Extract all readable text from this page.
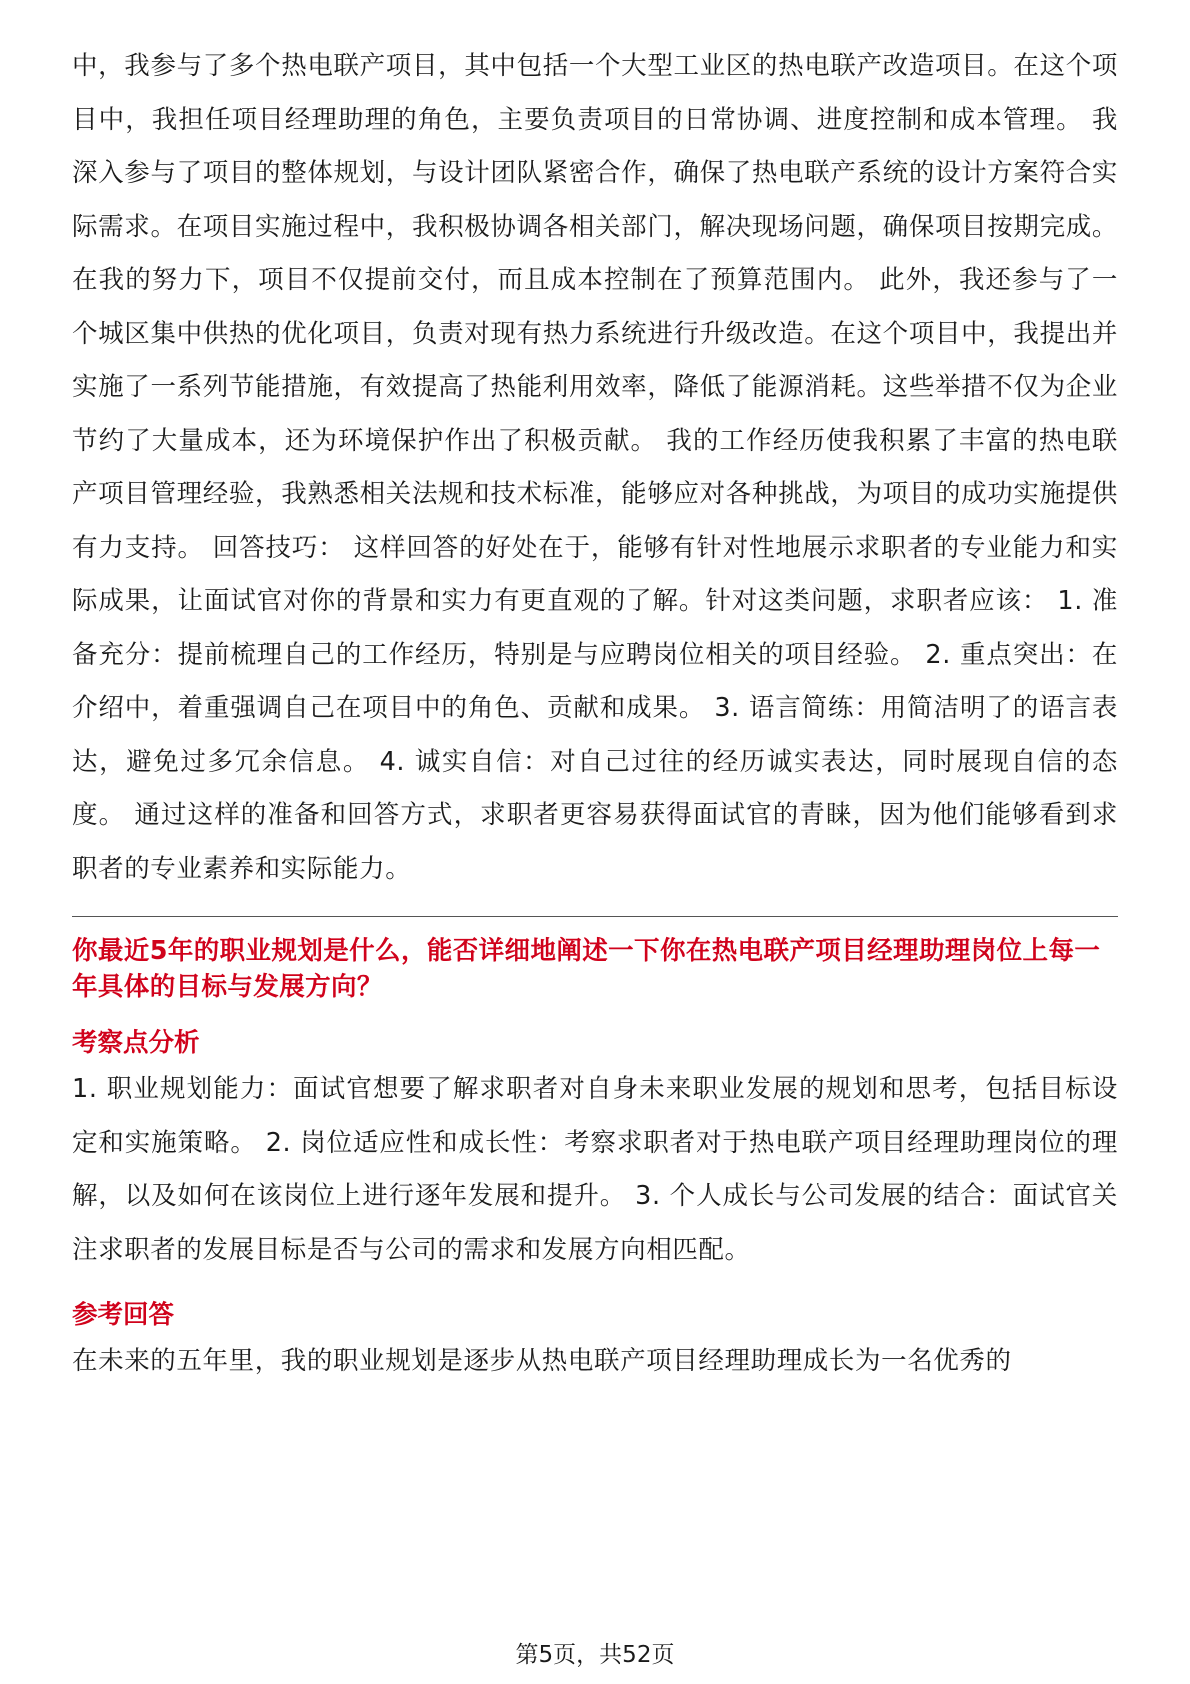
中，我参与了多个热电联产项目，其中包括一个大型工业区的热电联产改造项目。在这个项目中，我担任项目经理助理的角色，主要负责项目的日常协调、进度控制和成本管理。 我深入参与了项目的整体规划，与设计团队紧密合作，确保了热电联产系统的设计方案符合实际需求。在项目实施过程中，我积极协调各相关部门，解决现场问题，确保项目按期完成。在我的努力下，项目不仅提前交付，而且成本控制在了预算范围内。 此外，我还参与了一个城区集中供热的优化项目，负责对现有热力系统进行升级改造。在这个项目中，我提出并实施了一系列节能措施，有效提高了热能利用效率，降低了能源消耗。这些举措不仅为企业节约了大量成本，还为环境保护作出了积极贡献。 我的工作经历使我积累了丰富的热电联产项目管理经验，我熟悉相关法规和技术标准，能够应对各种挑战，为项目的成功实施提供有力支持。 回答技巧： 这样回答的好处在于，能够有针对性地展示求职者的专业能力和实际成果，让面试官对你的背景和实力有更直观的了解。针对这类问题，求职者应该： 1. 准备充分：提前梳理自己的工作经历，特别是与应聘岗位相关的项目经验。 2. 重点突出：在介绍中，着重强调自己在项目中的角色、贡献和成果。 3. 语言简练：用简洁明了的语言表达，避免过多冗余信息。 4. 诚实自信：对自己过往的经历诚实表达，同时展现自信的态度。 通过这样的准备和回答方式，求职者更容易获得面试官的青睐，因为他们能够看到求职者的专业素养和实际能力。

你最近5年的职业规划是什么，能否详细地阐述一下你在热电联产项目经理助理岗位上每一年具体的目标与发展方向？

考察点分析

1. 职业规划能力：面试官想要了解求职者对自身未来职业发展的规划和思考，包括目标设定和实施策略。 2. 岗位适应性和成长性：考察求职者对于热电联产项目经理助理岗位的理解，以及如何在该岗位上进行逐年发展和提升。 3. 个人成长与公司发展的结合：面试官关注求职者的发展目标是否与公司的需求和发展方向相匹配。

参考回答

在未来的五年里，我的职业规划是逐步从热电联产项目经理助理成长为一名优秀的

第5页，共52页
